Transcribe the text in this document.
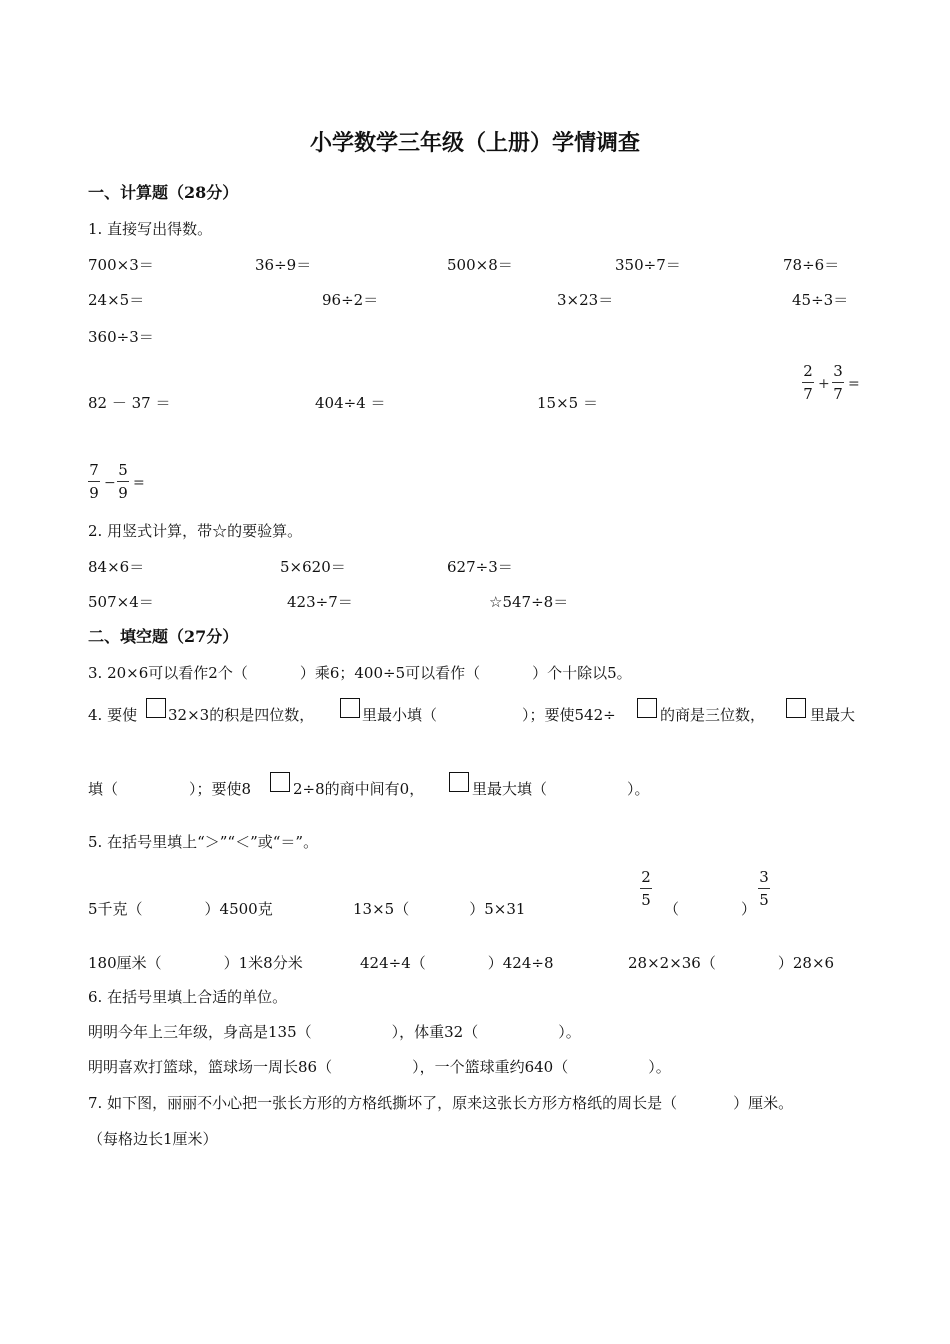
小学数学三年级（上册）学情调查
一、计算题（28分）
1. 直接写出得数。
700×3＝	36÷9＝	500×8＝	350÷7＝	78÷6＝
24×5＝	96÷2＝	3×23＝	45÷3＝
360÷3＝
82 － 37 ＝	404÷4 ＝	15×5 ＝
2
7
+
3
7
=
7
9
−
5
9
=
2. 用竖式计算，带☆的要验算。
84×6＝	5×620＝	627÷3＝
507×4＝	423÷7＝	☆547÷8＝
二、填空题（27分）
3. 20×6可以看作2个（	）乘6；400÷5可以看作（	）个十除以5。
4. 要使 32×3的积是四位数，	里最小填（	）；要使542÷	的商是三位数，	里最大
填（	）；要使8	2÷8的商中间有0，	里最大填（	）。
5. 在括号里填上“＞”“＜”或“＝”。
5千克（	）4500克	13×5（	）5×31
2
5 （	）
3
5
180厘米（	）1米8分米	424÷4（	）424÷8	28×2×36（	）28×6
6. 在括号里填上合适的单位。
明明今年上三年级，身高是135（	），体重32（	）。
明明喜欢打篮球，篮球场一周长86（	），一个篮球重约640（	）。
7. 如下图，丽丽不小心把一张长方形的方格纸撕坏了，原来这张长方形方格纸的周长是（	）厘米。
（每格边长1厘米）
